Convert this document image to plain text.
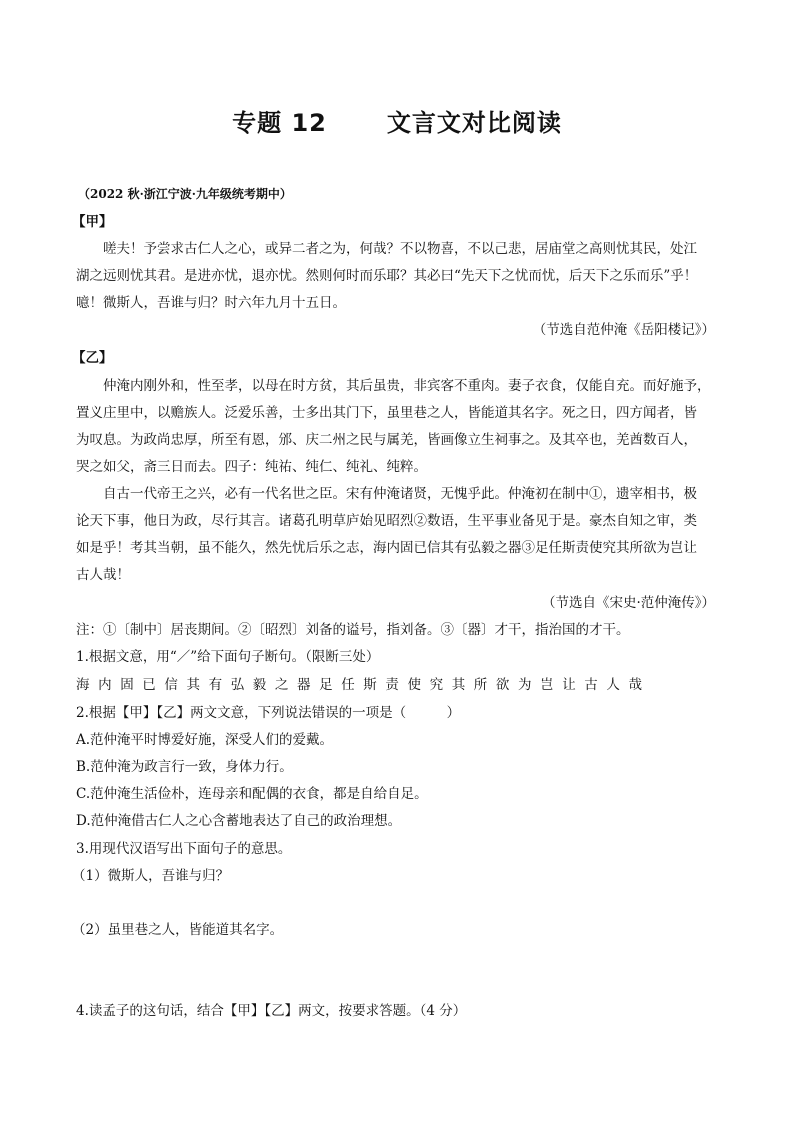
专题 12	文言文对比阅读
（2022 秋·浙江宁波·九年级统考期中）
【甲】
嗟夫！予尝求古仁人之心，或异二者之为，何哉？不以物喜，不以己悲，居庙堂之高则忧其民，处江
湖之远则忧其君。是进亦忧，退亦忧。然则何时而乐耶？其必曰“先天下之忧而忧，后天下之乐而乐”乎！
噫！微斯人，吾谁与归？时六年九月十五日。
（节选自范仲淹《岳阳楼记》）
【乙】
仲淹内刚外和，性至孝，以母在时方贫，其后虽贵，非宾客不重肉。妻子衣食，仅能自充。而好施予，
置义庄里中，以赡族人。泛爱乐善，士多出其门下，虽里巷之人，皆能道其名字。死之日，四方闻者，皆
为叹息。为政尚忠厚，所至有恩，邠、庆二州之民与属羌，皆画像立生祠事之。及其卒也，羌酋数百人，
哭之如父，斋三日而去。四子：纯祐、纯仁、纯礼、纯粹。
自古一代帝王之兴，必有一代名世之臣。宋有仲淹诸贤，无愧乎此。仲淹初在制中①，遗宰相书，极
论天下事，他日为政，尽行其言。诸葛孔明草庐始见昭烈②数语，生平事业备见于是。豪杰自知之审，类
如是乎！考其当朝，虽不能久，然先忧后乐之志，海内固已信其有弘毅之器③足任斯责使究其所欲为岂让
古人哉！
（节选自《宋史·范仲淹传》）
注：①〔制中〕居丧期间。②〔昭烈〕刘备的谥号，指刘备。③〔器〕才干，指治国的才干。
1.根据文意，用“／”给下面句子断句。（限断三处）
海内固已信其有弘毅之器足任斯责使究其所欲为岂让古人哉
2.根据【甲】【乙】两文文意，下列说法错误的一项是（　　　）
A.范仲淹平时博爱好施，深受人们的爱戴。
B.范仲淹为政言行一致，身体力行。
C.范仲淹生活俭朴，连母亲和配偶的衣食，都是自给自足。
D.范仲淹借古仁人之心含蓄地表达了自己的政治理想。
3.用现代汉语写出下面句子的意思。
（1）微斯人，吾谁与归？
（2）虽里巷之人，皆能道其名字。
4.读孟子的这句话，结合【甲】【乙】两文，按要求答题。（4 分）
